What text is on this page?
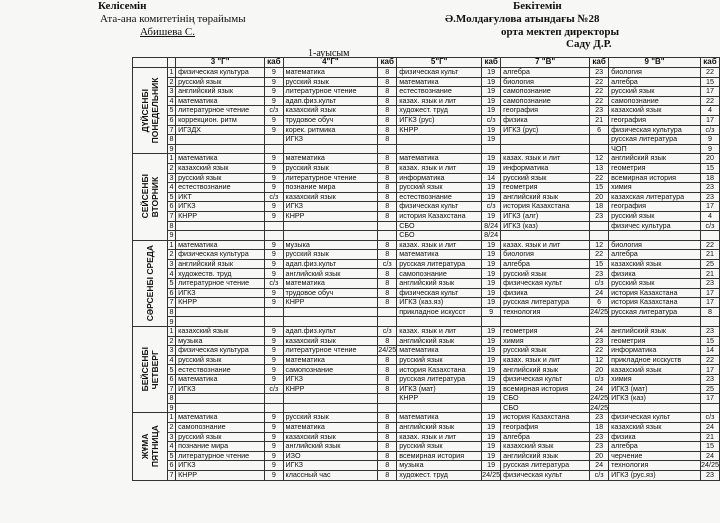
Келісемін
Ата-ана комитетінің төрайымы
Абишева С.
Бекітемін
Ә.Молдағулова атындағы №28
орта мектеп директоры
Саду Д.Р.
1-ауысым
		3 "Г"	каб	4"Г"	каб	5"Г"	каб	7 "В"	каб	9 "В"	каб

ДҮЙСЕНБІ ПОНЕДЕЛЬНИК	1	физическая культура	9	математика	8	физическая культ	19	алгебра	23	биология	22
	2	русский язык	9	русский язык	8	математика	19	биология	22	алгебра	15
	3	английский язык	9	литературное чтение	8	естествознание	19	самопознание	22	русский язык	17
	4	математика	9	адап.физ.культ	8	казах. язык и лит	19	самопознание	22	самопознание	22
	5	литературное чтение	с/з	казахский язык	8	художест. труд	19	география	23	казахский язык	4
	6	коррекцион. ритм	9	трудовое обуч	8	ИГКЗ (рус)	с/з	физика	21	география	17
	7	ИГЗДХ	9	корек. ритмика	8	КНРР	19	ИГКЗ (рус)	6	физическая культура	с/з
	8			ИГКЗ	8		19			русская литература	9
	9									ЧОП	9

СЕЙСЕНБІ ВТОРНИК	1	математика	9	математика	8	математика	19	казах. язык и лит	12	английский язык	20
	2	казахский язык	9	русский язык	8	казах. язык и лит	19	информатика	13	геометрия	15
	3	русский язык	9	литературное чтение	8	информатика	14	русский язык	22	всемирная история	18
	4	естествознание	9	познание мира	8	русский язык	19	геометрия	15	химия	23
	5	ИКТ	с/з	казахский язык	8	естествознание	19	английский язык	20	казахская литература	23
	6	ИГКЗ	9	ИГКЗ	8	физическая культ	с/з	история Казахстана	18	география	17
	7	КНРР	9	КНРР	8	история Казахстана	19	ИГКЗ (алг)	23	русский язык	4
	8					СБО	8/24	ИГКЗ (каз)		физичес культура	с/з
	9					СБО	8/24				

СӘРСЕНБІ СРЕДА	1	математика	9	музыка	8	казах. язык и лит	19	казах. язык и лит	12	биология	22
	2	физическая культура	9	русский язык	8	математика	19	биология	22	алгебра	21
	3	английский язык	9	адап.физ.культ	с/з	русская литература	19	алгебра	15	казахский язык	25
	4	художеств. труд	9	английский язык	8	самопознание	19	русский язык	23	физика	21
	5	литературное чтение	с/з	математика	8	английский язык	19	физическая культ	с/з	русский язык	23
	6	ИГКЗ	9	трудовое обуч	8	физическая культ	19	физика	24	история Казахстана	17
	7	КНРР	9	КНРР	8	ИГКЗ (каз.яз)	19	русская литература	6	история Казахстана	17
	8					прикладное искусст	9	технология	24/25	русская литература	8
	9										

БЕЙСЕНБІ ЧЕТВЕРГ	1	казахский язык	9	адап.физ.культ	с/з	казах. язык и лит	19	геометрия	24	английский язык	23
	2	музыка	9	казахский язык	8	английский язык	19	химия	23	геометрия	15
	3	физическая культура	9	литературное чтение	24/25	математика	19	русский язык	22	информатика	14
	4	русский язык	9	математика	8	русский язык	19	казах. язык и лит	12	прикладное исскуств	22
	5	естествознание	9	самопознание	8	история Казахстана	19	английский язык	20	казахский язык	17
	6	математика	9	ИГКЗ	8	русская литература	19	физическая культ	с/з	химия	23
	7	ИГКЗ	с/з	КНРР	8	ИГКЗ (мат)	19	всемирная история	24	ИГКЗ (мат)	25
	8					КНРР	19	СБО	24/25	ИГКЗ (каз)	17
	9							СБО	24/25		

ЖҰМА ПЯТНИЦА	1	математика	9	русский язык	8	математика	19	история Казахстана	23	физическая культ	с/з
	2	самопознание	9	математика	8	английский язык	19	география	18	казахский язык	24
	3	русский язык	9	казахский язык	8	казах. язык и лит	19	алгебра	23	физика	21
	4	познание мира	9	английский язык	8	русский язык	19	казахский язык	23	алгебра	15
	5	литературное чтение	9	ИЗО	8	всемирная история	19	английский язык	20	черчение	24
	6	ИГКЗ	9	ИГКЗ	8	музыка	19	русская литература	24	технология	24/25
	7	КНРР	9	классный час	8	художест. труд	24/25	физическая культ	с/з	ИГКЗ (рус.яз)	23
